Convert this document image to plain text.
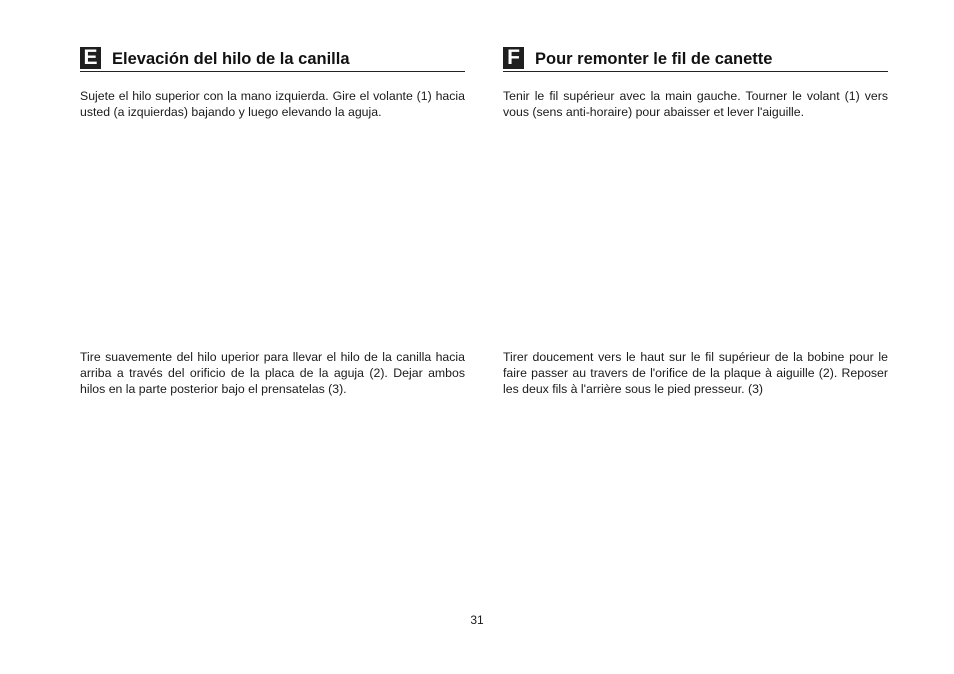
E Elevación del hilo de la canilla

Sujete el hilo superior con la mano izquierda. Gire el volante (1) hacia usted (a izquierdas) bajando y luego elevando la aguja.

Tire suavemente del hilo uperior para llevar el hilo de la canilla hacia arriba a través del orificio de la placa de la aguja (2). Dejar ambos hilos en la parte posterior bajo el prensatelas (3).

F Pour remonter le fil de canette

Tenir le fil supérieur avec la main gauche. Tourner le volant (1) vers vous (sens anti-horaire) pour abaisser et lever l'aiguille.

Tirer doucement vers le haut sur le fil supérieur de la bobine pour le faire passer au travers de l'orifice de la plaque à aiguille (2). Reposer les deux fils à l'arrière sous le pied presseur. (3)

31
